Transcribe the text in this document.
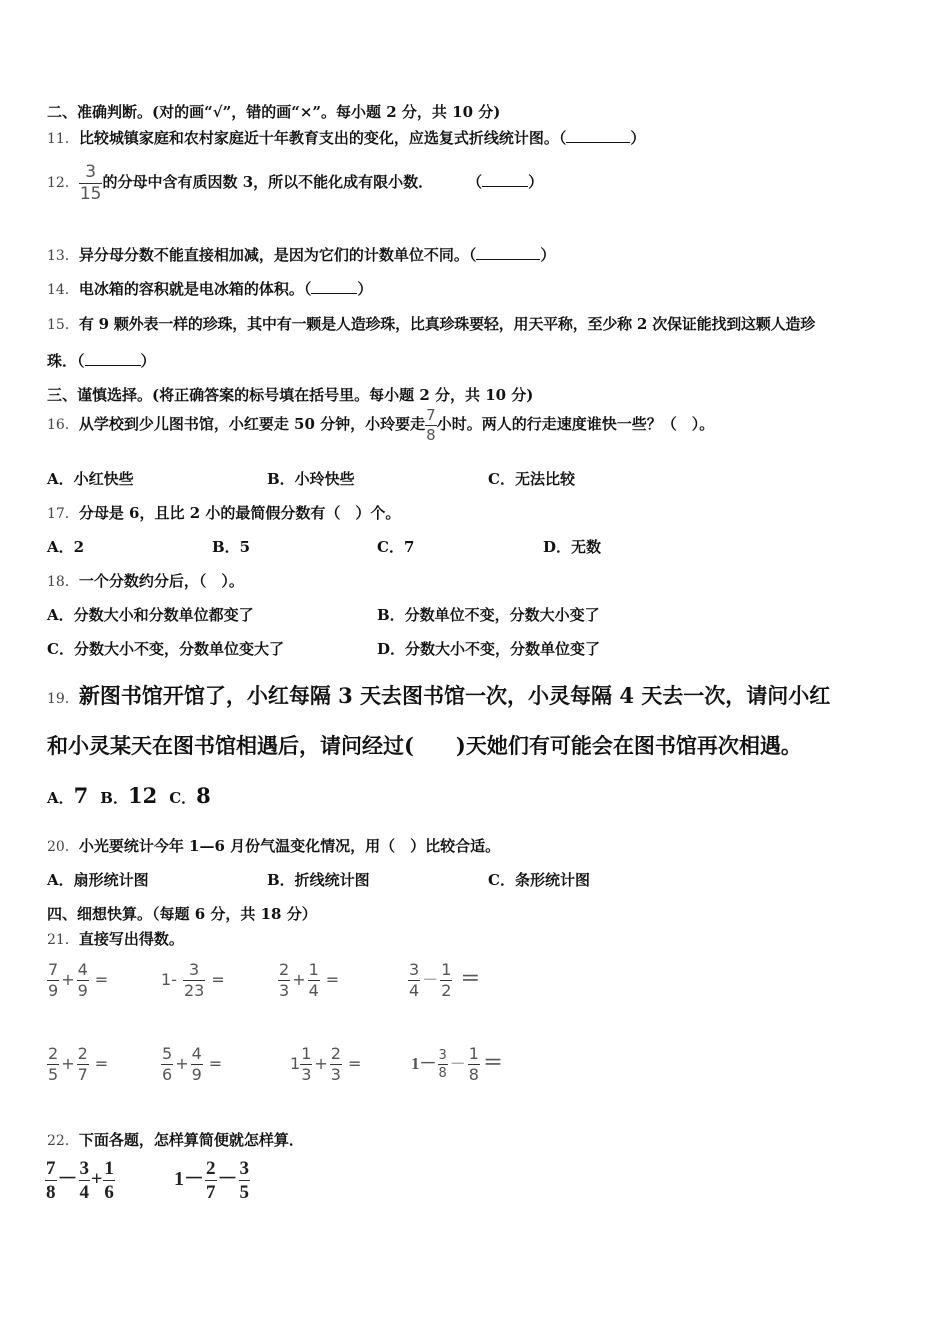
二、准确判断。(对的画“√”，错的画“×”。每小题 2 分，共 10 分)
11．比较城镇家庭和农村家庭近十年教育支出的变化，应选复式折线统计图。（	）
12． $\frac{3}{15}$ 的分母中含有质因数 3，所以不能化成有限小数． （	）
13．异分母分数不能直接相加减，是因为它们的计数单位不同。（	）
14．电冰箱的容积就是电冰箱的体积。（	）
15．有 9 颗外表一样的珍珠，其中有一颗是人造珍珠，比真珍珠要轻，用天平称，至少称 2 次保证能找到这颗人造珍
珠．（	）
三、谨慎选择。(将正确答案的标号填在括号里。每小题 2 分，共 10 分)
16．从学校到少儿图书馆，小红要走 50 分钟，小玲要走 $\frac{7}{8}$ 小时。两人的行走速度谁快一些？（　）。
A．小红快些	B．小玲快些	C．无法比较
17．分母是 6，且比 2 小的最简假分数有（　）个。
A．2	B．5	C．7	D．无数
18．一个分数约分后，（　）。
A．分数大小和分数单位都变了	B．分数单位不变，分数大小变了
C．分数大小不变，分数单位变大了	D．分数大小不变，分数单位变了
19．新图书馆开馆了，小红每隔 3 天去图书馆一次，小灵每隔 4 天去一次，请问小红
和小灵某天在图书馆相遇后，请问经过(　　)天她们有可能会在图书馆再次相遇。
A．7 B．12 C．8
20．小光要统计今年 1—6 月份气温变化情况，用（　）比较合适。
A．扇形统计图	B．折线统计图	C．条形统计图
四、细想快算。（每题 6 分，共 18 分）
21．直接写出得数。
$\frac{7}{9} + \frac{4}{9}$ =	$1- \frac{3}{23}$ =	$\frac{2}{3} + \frac{1}{4}$ =	$\frac{3}{4} - \frac{1}{2}$ ＝
$\frac{2}{5} + \frac{2}{7}$ =	$\frac{5}{6} + \frac{4}{9}$ =	$1 \frac{1}{3} + \frac{2}{3}$ =	$1- \frac{3}{8} - \frac{1}{8}$ ＝
22．下面各题，怎样算简便就怎样算．
$\frac{7}{8} - \frac{3}{4} + \frac{1}{6}$	$1- \frac{2}{7} - \frac{3}{5}$
